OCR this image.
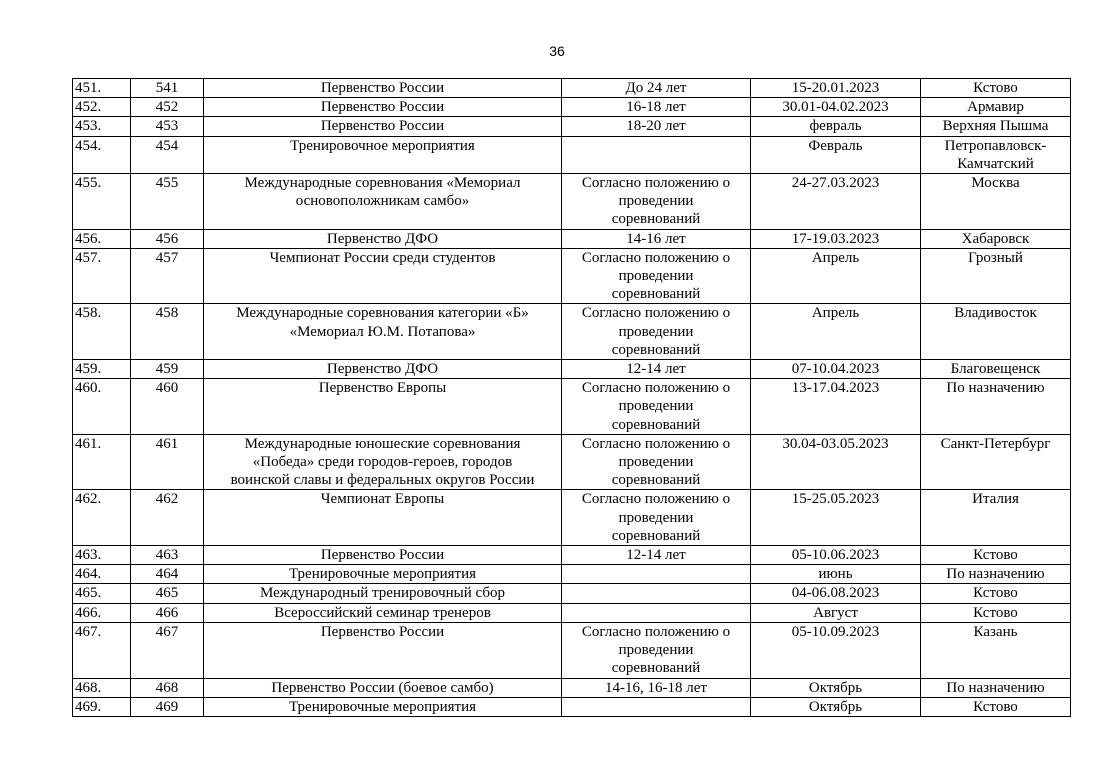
36
451.	541	Первенство России	До 24 лет	15-20.01.2023	Кстово

452.	452	Первенство России	16-18 лет	30.01-04.02.2023	Армавир

453.	453	Первенство России	18-20 лет	февраль	Верхняя Пышма

454.	454	Тренировочное мероприятия		Февраль	Петропавловск-
Камчатский

455.	455	Международные соревнования «Мемориал
основоположникам самбо»	Согласно положению о
проведении
соревнований	24-27.03.2023	Москва

456.	456	Первенство ДФО	14-16 лет	17-19.03.2023	Хабаровск

457.	457	Чемпионат России среди студентов	Согласно положению о
проведении
соревнований	Апрель	Грозный

458.	458	Международные соревнования категории «Б»
«Мемориал Ю.М. Потапова»	Согласно положению о
проведении
соревнований	Апрель	Владивосток

459.	459	Первенство ДФО	12-14 лет	07-10.04.2023	Благовещенск

460.	460	Первенство Европы	Согласно положению о
проведении
соревнований	13-17.04.2023	По назначению

461.	461	Международные юношеские соревнования
«Победа» среди городов-героев, городов
воинской славы и федеральных округов России	Согласно положению о
проведении
соревнований	30.04-03.05.2023	Санкт-Петербург

462.	462	Чемпионат Европы	Согласно положению о
проведении
соревнований	15-25.05.2023	Италия

463.	463	Первенство России	12-14 лет	05-10.06.2023	Кстово

464.	464	Тренировочные мероприятия		июнь	По назначению

465.	465	Международный тренировочный сбор		04-06.08.2023	Кстово

466.	466	Всероссийский семинар тренеров		Август	Кстово

467.	467	Первенство России	Согласно положению о
проведении
соревнований	05-10.09.2023	Казань

468.	468	Первенство России (боевое самбо)	14-16, 16-18 лет	Октябрь	По назначению

469.	469	Тренировочные мероприятия		Октябрь	Кстово
